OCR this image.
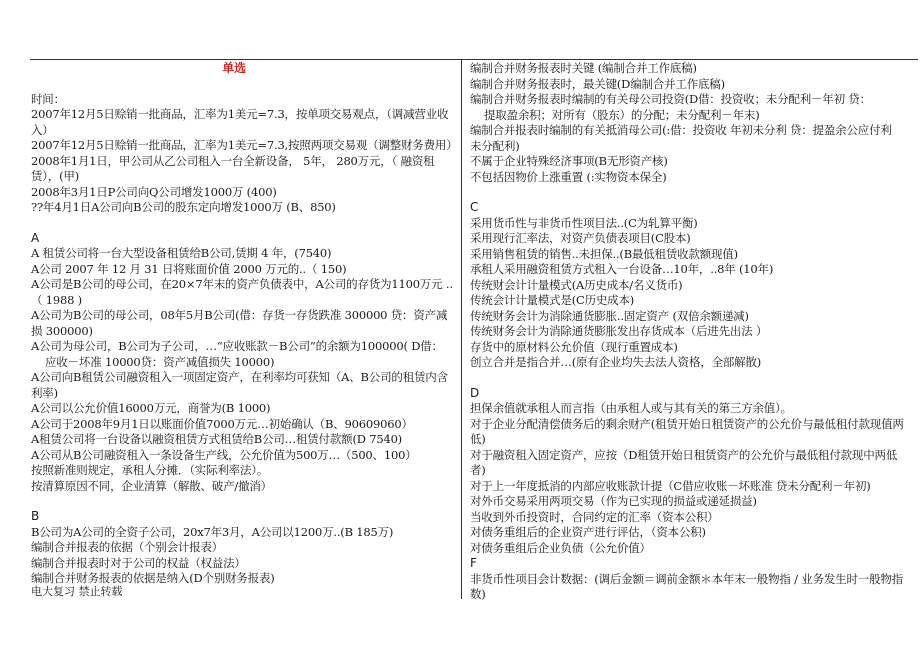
单选
时间：
2007年12月5日赊销一批商品，汇率为1美元=7.3，按单项交易观点，（调减营业收入）
2007年12月5日赊销一批商品，汇率为1美元=7.3,按照两项交易观（调整财务费用）
2008年1月1日，甲公司从乙公司租入一台全新设备， 5年， 280万元，（ 融资租赁），(甲)
2008年3月1日P公司向Q公司增发1000万 (400)
??年4月1日A公司向B公司的股东定向增发1000万 (B、850)
A
A 租赁公司将一台大型设备租赁给B公司,赁期 4 年，(7540)
A公司 2007 年 12 月 31 日将账面价值 2000 万元的..（ 150)
A公司是B公司的母公司，在20×7年末的资产负债表中，A公司的存货为1100万元 ..（ 1988 )
A公司为B公司的母公司，08年5月B公司(借：存货一存货跌准 300000 贷：资产减损 300000)
A公司为母公司，B公司为子公司，…“应收账款－B公司”的余额为100000( D借：
应收－坏准 10000贷：资产减值损失 10000)
A公司向B租赁公司融资租入一项固定资产，在利率均可获知（A、B公司的租赁内含利率)
A公司以公允价值16000万元，商誉为(B 1000)
A公司于2008年9月1日以账面价值7000万元…初始确认（B、90609060）
A租赁公司将一台设备以融资租赁方式租赁给B公司…租赁付款额(D 7540)
A公司从B公司融资租入一条设备生产线，公允价值为500万…（500、100）
按照新准则规定，承租人分摊．（实际利率法）。
按清算原因不同，企业清算（解散、破产/撤消）
B
B公司为A公司的全资子公司，20x7年3月，A公司以1200万..(B 185万)
编制合并报表的依据（个别会计报表）
编制合并报表时对于公司的权益（权益法）
编制合并财务报表的依据是纳入(D个别财务报表)
编制合并财务报表时关键 (编制合并工作底稿)
编制合并财务报表时，最关键(D编制合并工作底稿)
编制合并财务报表时编制的有关母公司投资(D借：投资收；未分配利－年初 贷：
提取盈余积；对所有（股东）的分配；未分配利－年末)
编制合并报表时编制的有关抵消母公司(:借：投资收 年初未分利 贷：提盈余公应付利 未分配利)
不属于企业特殊经济事项(B无形资产核)
不包括因物价上涨重置 (:实物资本保全)
C
采用货币性与非货币性项目法..(C为轧算平衡)
采用现行汇率法，对资产负债表项目(C股本)
采用销售租赁的销售..未担保..(B最低租赁收款额现值)
承租人采用融资租赁方式租入一台设备…10年，..8年 (10年)
传统财会计计量模式(A历史成本/名义货币)
传统会计计量模式是(C历史成本)
传统财务会计为消除通货膨胀..固定资产 (双倍余额递减)
传统财务会计为消除通货膨胀发出存货成本（后进先出法 ）
存货中的原材料公允价值（现行重置成本)
创立合并是指合并…(原有企业均失去法人资格，全部解散)
D
担保余值就承租人而言指（由承租人或与其有关的第三方余值）。
对于企业分配清偿债务后的剩余财产(租赁开始日租赁资产的公允价与最低租付款现值两低)
对于融资租入固定资产，应按（D租赁开始日租赁资产的公允价与最低租付款现中两低者)
对于上一年度抵消的内部应收账款计提（C借应收账－坏账准 贷未分配利－年初)
对外币交易采用两项交易（作为已实现的损益或递延损益)
当收到外币投资时，合同约定的汇率（资本公积）
对债务重组后的企业资产进行评估，（资本公积)
对债务重组后企业负债（公允价值）
F
非货币性项目会计数据：(调后金额＝调前金额＊本年末一般物指 / 业务发生时一般物指数)
电大复习 禁止转载
